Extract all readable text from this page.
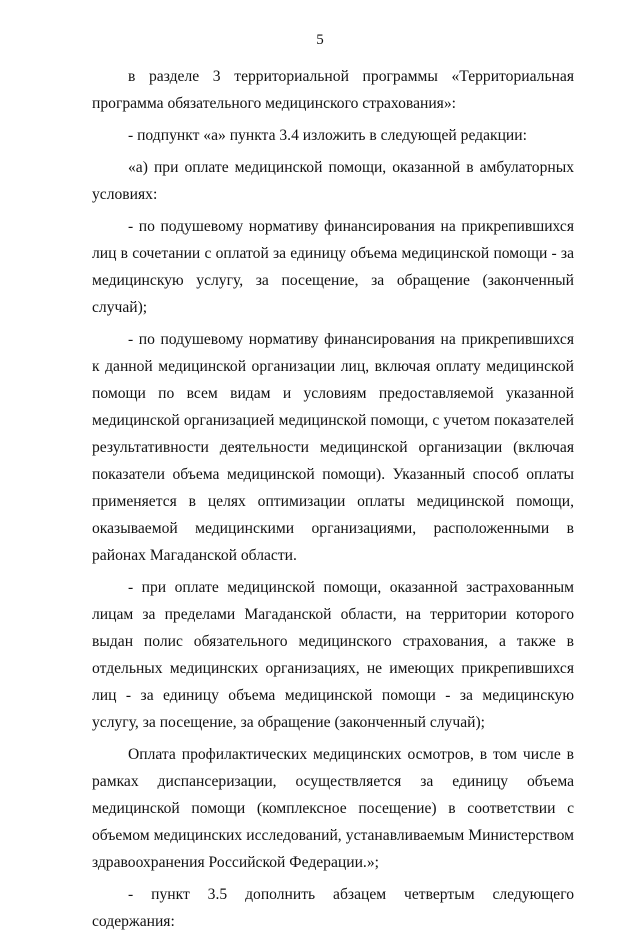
5

в разделе 3 территориальной программы «Территориальная программа обязательного медицинского страхования»:

- подпункт «а» пункта 3.4 изложить в следующей редакции:

«а) при оплате медицинской помощи, оказанной в амбулаторных условиях:

- по подушевому нормативу финансирования на прикрепившихся лиц в сочетании с оплатой за единицу объема медицинской помощи - за медицинскую услугу, за посещение, за обращение (законченный случай);

- по подушевому нормативу финансирования на прикрепившихся к данной медицинской организации лиц, включая оплату медицинской помощи по всем видам и условиям предоставляемой указанной медицинской организацией медицинской помощи, с учетом показателей результативности деятельности медицинской организации (включая показатели объема медицинской помощи). Указанный способ оплаты применяется в целях оптимизации оплаты медицинской помощи, оказываемой медицинскими организациями, расположенными в районах Магаданской области.

- при оплате медицинской помощи, оказанной застрахованным лицам за пределами Магаданской области, на территории которого выдан полис обязательного медицинского страхования, а также в отдельных медицинских организациях, не имеющих прикрепившихся лиц - за единицу объема медицинской помощи - за медицинскую услугу, за посещение, за обращение (законченный случай);

Оплата профилактических медицинских осмотров, в том числе в рамках диспансеризации, осуществляется за единицу объема медицинской помощи (комплексное посещение) в соответствии с объемом медицинских исследований, устанавливаемым Министерством здравоохранения Российской Федерации.»;

- пункт 3.5 дополнить абзацем четвертым следующего содержания:
